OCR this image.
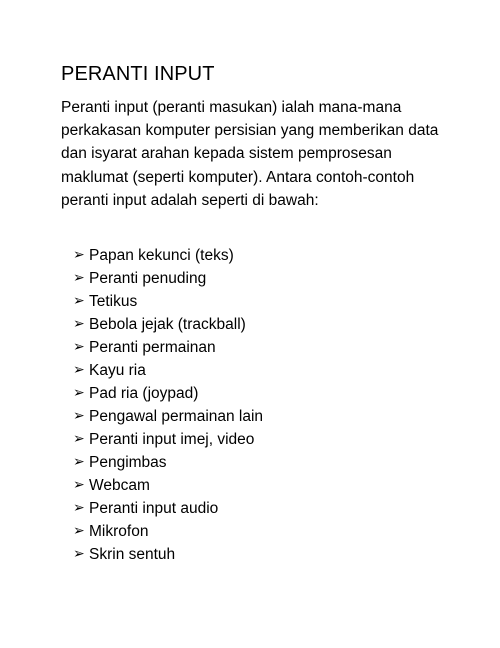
PERANTI INPUT
Peranti input (peranti masukan) ialah mana-mana
perkakasan komputer persisian yang memberikan data
dan isyarat arahan kepada sistem pemprosesan
maklumat (seperti komputer). Antara contoh-contoh
peranti input adalah seperti di bawah:
➢ Papan kekunci (teks)
➢ Peranti penuding
➢ Tetikus
➢ Bebola jejak (trackball)
➢ Peranti permainan
➢ Kayu ria
➢ Pad ria (joypad)
➢ Pengawal permainan lain
➢ Peranti input imej, video
➢ Pengimbas
➢ Webcam
➢ Peranti input audio
➢ Mikrofon
➢ Skrin sentuh
